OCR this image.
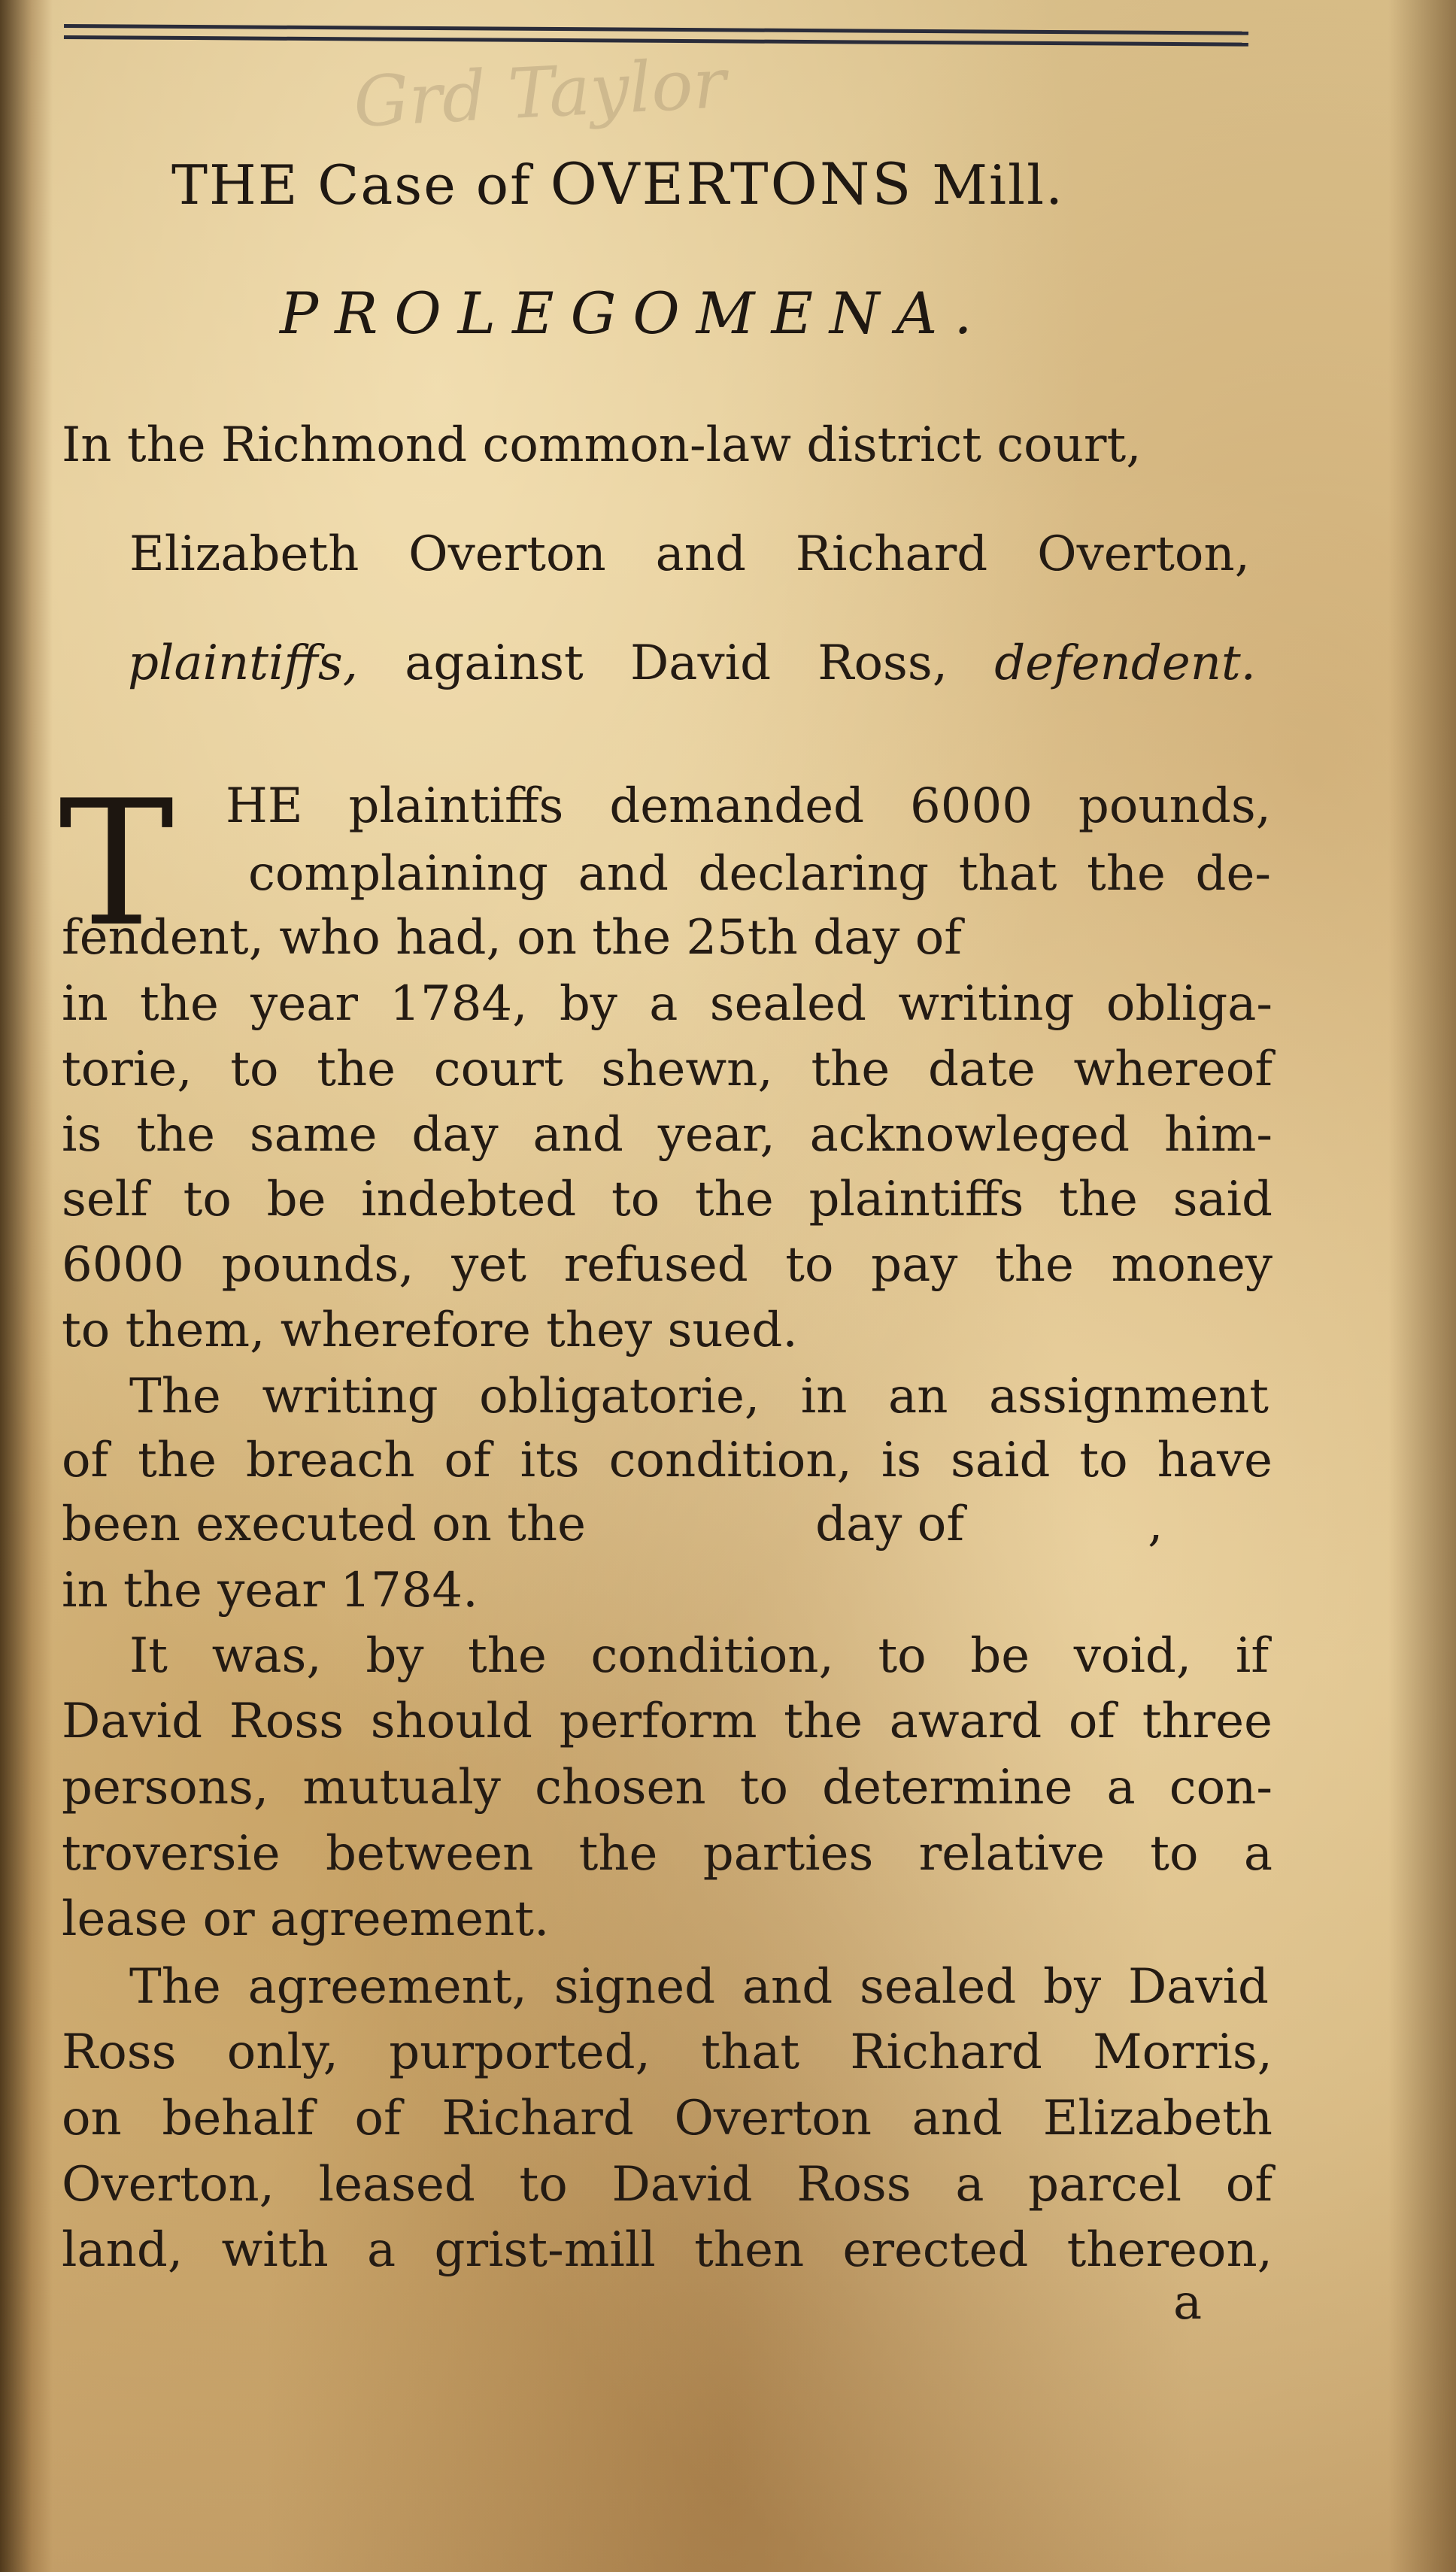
Grd Taylor
THE Case of OVERTONS Mill.
PROLEGOMENA.
In the Richmond common-law district court,
Elizabeth Overton and Richard Overton,
plaintiffs, against David Ross, defendent.
T HE plaintiffs demanded 6000 pounds,
complaining and declaring that the de-
fendent, who had, on the 25th day of
in the year 1784, by a sealed writing obliga-
torie, to the court shewn, the date whereof
is the same day and year, acknowleged him-
self to be indebted to the plaintiffs the said
6000 pounds, yet refused to pay the money
to them, wherefore they sued.
The writing obligatorie, in an assignment
of the breach of its condition, is said to have
been executed on the               day of            ,
in the year 1784.
It was, by the condition, to be void, if
David Ross should perform the award of three
persons, mutualy chosen to determine a con-
troversie between the parties relative to a
lease or agreement.
The agreement, signed and sealed by David
Ross only, purported, that Richard Morris,
on behalf of Richard Overton and Elizabeth
Overton, leased to David Ross a parcel of
land, with a grist-mill then erected thereon,
a
